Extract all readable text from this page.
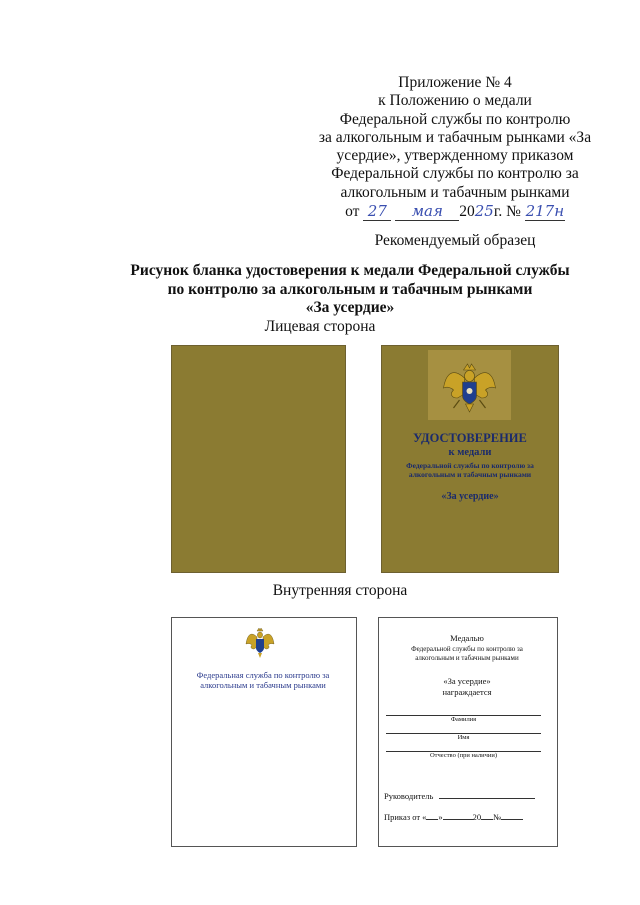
Приложение № 4
к Положению о медали
Федеральной службы по контролю
за алкогольным и табачным рынками «За
усердие», утвержденному приказом
Федеральной службы по контролю за
алкогольным и табачным рынками
от 27 мая 2025г. № 217н
Рекомендуемый образец
Рисунок бланка удостоверения к медали Федеральной службы
по контролю за алкогольным и табачным рынками
«За усердие»
Лицевая сторона
УДОСТОВЕРЕНИЕ
к медали
Федеральной службы по контролю за
алкогольным и табачным рынками
«За усердие»
Внутренняя сторона
Федеральная служба по контролю за
алкогольным и табачным рынками
Медалью
Федеральной службы по контролю за
алкогольным и табачным рынками
«За усердие»
награждается
Фамилия
Имя
Отчество (при наличии)
Руководитель
Приказ от « »	20 №
